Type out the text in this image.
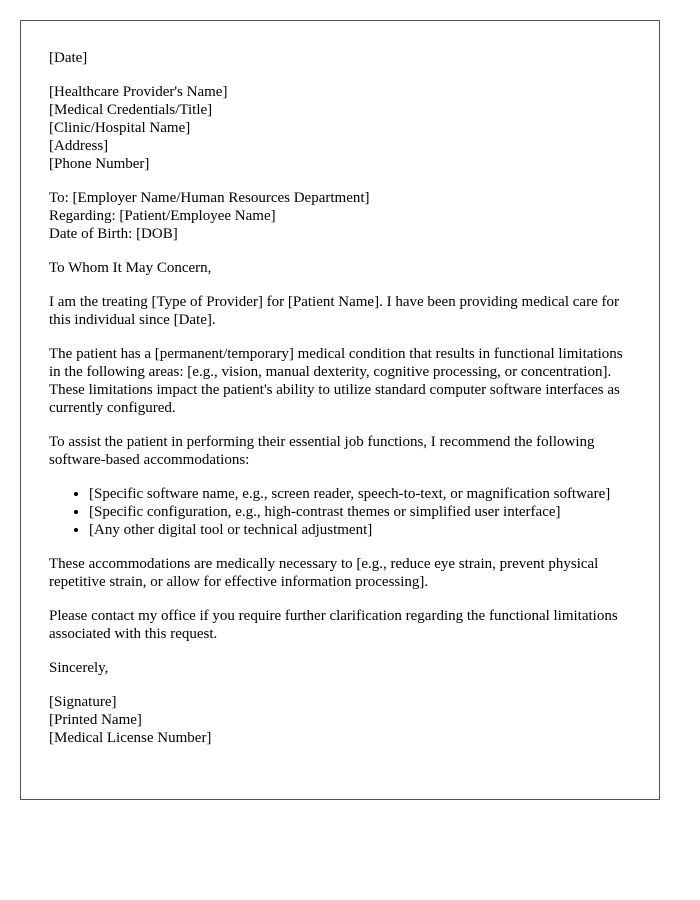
[Date]
[Healthcare Provider's Name]
[Medical Credentials/Title]
[Clinic/Hospital Name]
[Address]
[Phone Number]
To: [Employer Name/Human Resources Department]
Regarding: [Patient/Employee Name]
Date of Birth: [DOB]

To Whom It May Concern,

I am the treating [Type of Provider] for [Patient Name]. I have been providing medical care for this individual since [Date].

The patient has a [permanent/temporary] medical condition that results in functional limitations in the following areas: [e.g., vision, manual dexterity, cognitive processing, or concentration]. These limitations impact the patient's ability to utilize standard computer software interfaces as currently configured.

To assist the patient in performing their essential job functions, I recommend the following software-based accommodations:

• [Specific software name, e.g., screen reader, speech-to-text, or magnification software]
• [Specific configuration, e.g., high-contrast themes or simplified user interface]
• [Any other digital tool or technical adjustment]

These accommodations are medically necessary to [e.g., reduce eye strain, prevent physical repetitive strain, or allow for effective information processing].

Please contact my office if you require further clarification regarding the functional limitations associated with this request.

Sincerely,

[Signature]
[Printed Name]
[Medical License Number]
